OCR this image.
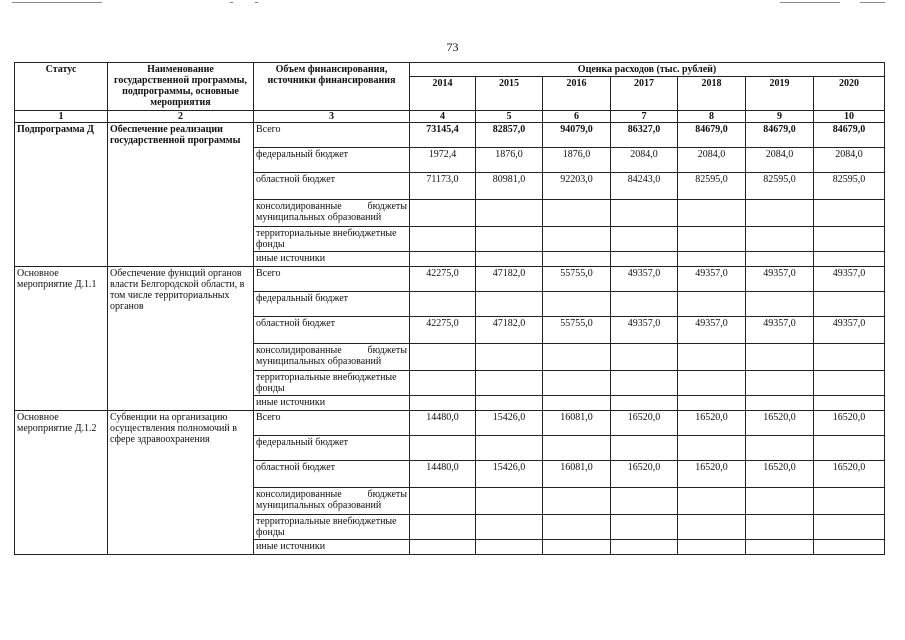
73
Статус	Наименование государственной программы, подпрограммы, основные мероприятия	Объем финансирования, источники финансирования	Оценка расходов (тыс. рублей)						
			2014	2015	2016	2017	2018	2019	2020
1	2	3	4	5	6	7	8	9	10
Подпрограмма Д	Обеспечение реализации государственной программы	Всего	73145,4	82857,0	94079,0	86327,0	84679,0	84679,0	84679,0
		федеральный бюджет	1972,4	1876,0	1876,0	2084,0	2084,0	2084,0	2084,0
		областной бюджет	71173,0	80981,0	92203,0	84243,0	82595,0	82595,0	82595,0
		консолидированные бюджеты муниципальных образований							
		территориальные внебюджетные фонды							
		иные источники							
Основное мероприятие Д.1.1	Обеспечение функций органов власти Белгородской области, в том числе территориальных органов	Всего	42275,0	47182,0	55755,0	49357,0	49357,0	49357,0	49357,0
		федеральный бюджет							
		областной бюджет	42275,0	47182,0	55755,0	49357,0	49357,0	49357,0	49357,0
		консолидированные бюджеты муниципальных образований							
		территориальные внебюджетные фонды							
		иные источники							
Основное мероприятие Д.1.2	Субвенции на организацию осуществления полномочий в сфере здравоохранения	Всего	14480,0	15426,0	16081,0	16520,0	16520,0	16520,0	16520,0
		федеральный бюджет							
		областной бюджет	14480,0	15426,0	16081,0	16520,0	16520,0	16520,0	16520,0
		консолидированные бюджеты муниципальных образований							
		территориальные внебюджетные фонды							
		иные источники							
